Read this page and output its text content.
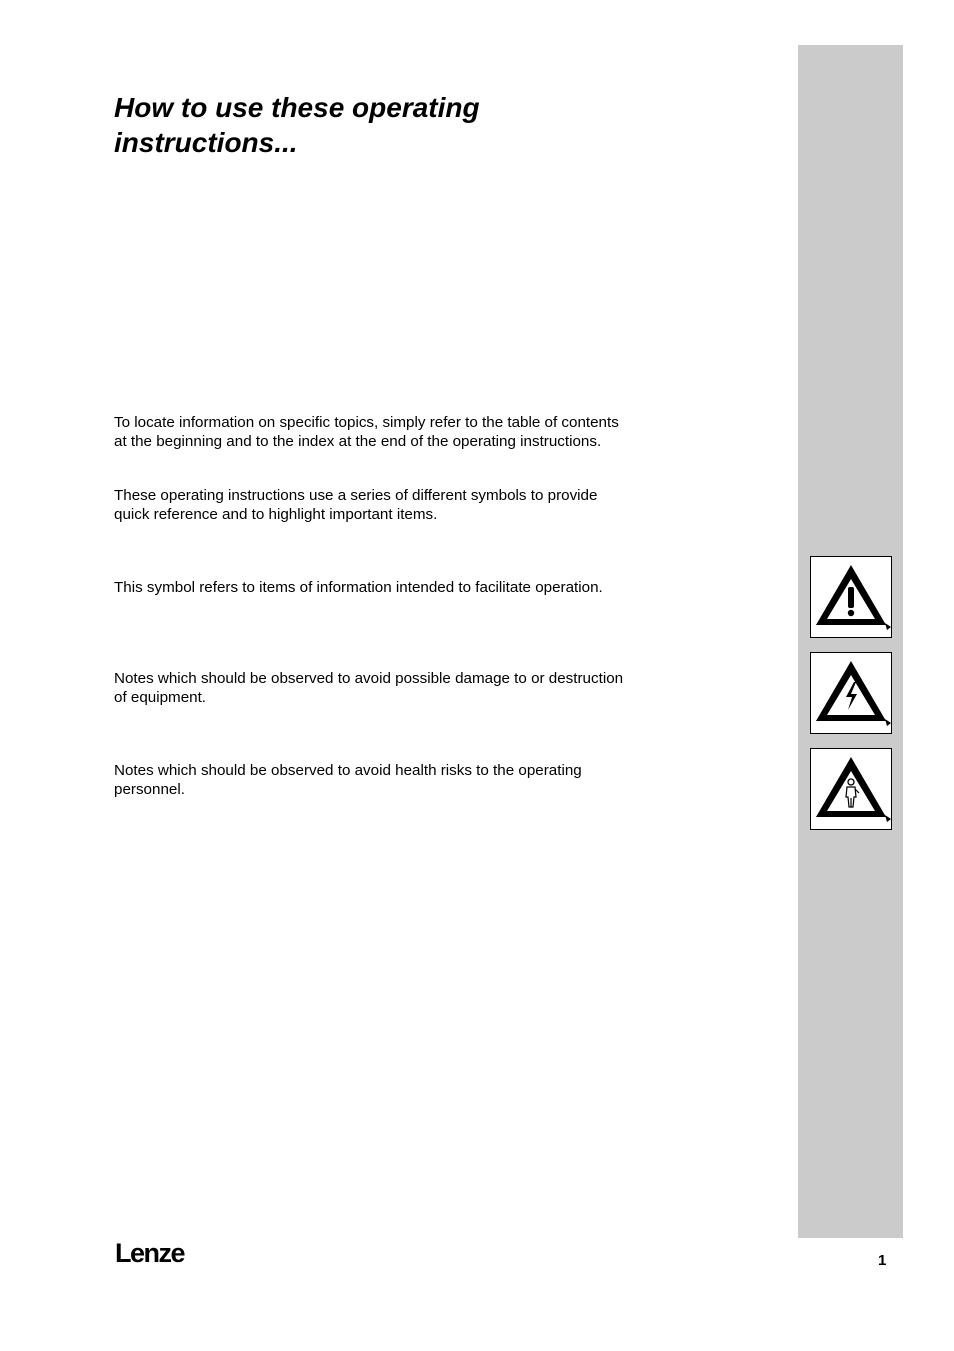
How to use these operating
instructions...

To locate information on specific topics, simply refer to the table of contents at the beginning and to the index at the end of the operating instructions.

These operating instructions use a series of different symbols to provide quick reference and to highlight important items.

This symbol refers to items of information intended to facilitate operation.

Notes which should be observed to avoid possible damage to or destruction of equipment.

Notes which should be observed to avoid health risks to the operating personnel.

Lenze	1
